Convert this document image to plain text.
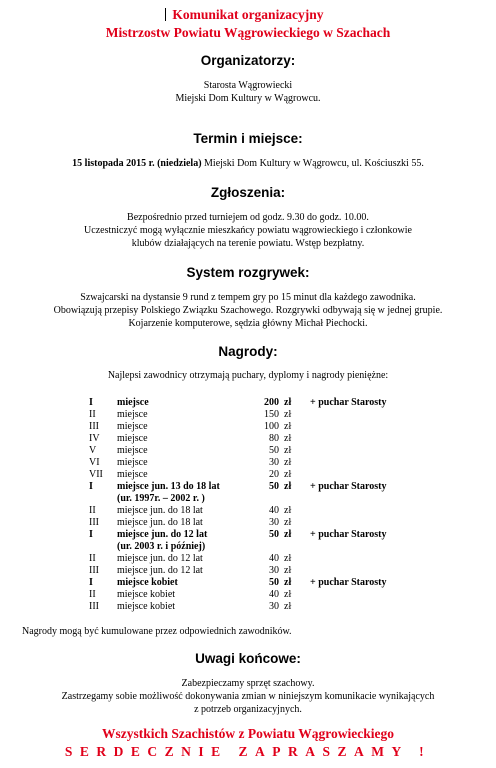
Komunikat organizacyjny
Mistrzostw Powiatu Wągrowieckiego w Szachach
Organizatorzy:
Starosta Wągrowiecki
Miejski Dom Kultury w Wągrowcu.
Termin i miejsce:
15 listopada 2015 r. (niedziela) Miejski Dom Kultury w Wągrowcu, ul. Kościuszki 55.
Zgłoszenia:
Bezpośrednio przed turniejem od godz. 9.30 do godz. 10.00.
Uczestniczyć mogą wyłącznie mieszkańcy powiatu wągrowieckiego i członkowie
klubów działających na terenie powiatu. Wstęp bezpłatny.
System rozgrywek:
Szwajcarski na dystansie 9 rund z tempem gry po 15 minut dla każdego zawodnika.
Obowiązują przepisy Polskiego Związku Szachowego. Rozgrywki odbywają się w jednej grupie.
Kojarzenie komputerowe, sędzia główny Michał Piechocki.
Nagrody:
Najlepsi zawodnicy otrzymają puchary, dyplomy i nagrody pieniężne:
I miejsce	200 zł + puchar Starosty
II miejsce	150 zł
III miejsce	100 zł
IV miejsce	80 zł
V miejsce	50 zł
VI miejsce	30 zł
VII miejsce	20 zł
I miejsce jun. 13 do 18 lat	50 zł + puchar Starosty
(ur. 1997r. – 2002 r. )
II miejsce jun. do 18 lat	40 zł
III miejsce jun. do 18 lat	30 zł
I miejsce jun. do 12 lat	50 zł + puchar Starosty
(ur. 2003 r. i później)
II miejsce jun. do 12 lat	40 zł
III miejsce jun. do 12 lat	30 zł
I miejsce kobiet	50 zł + puchar Starosty
II miejsce kobiet	40 zł
III miejsce kobiet	30 zł
Nagrody mogą być kumulowane przez odpowiednich zawodników.
Uwagi końcowe:
Zabezpieczamy sprzęt szachowy.
Zastrzegamy sobie możliwość dokonywania zmian w niniejszym komunikacie wynikających
z potrzeb organizacyjnych.
Wszystkich Szachistów z Powiatu Wągrowieckiego
SERDECZNIE ZAPRASZAMY !
